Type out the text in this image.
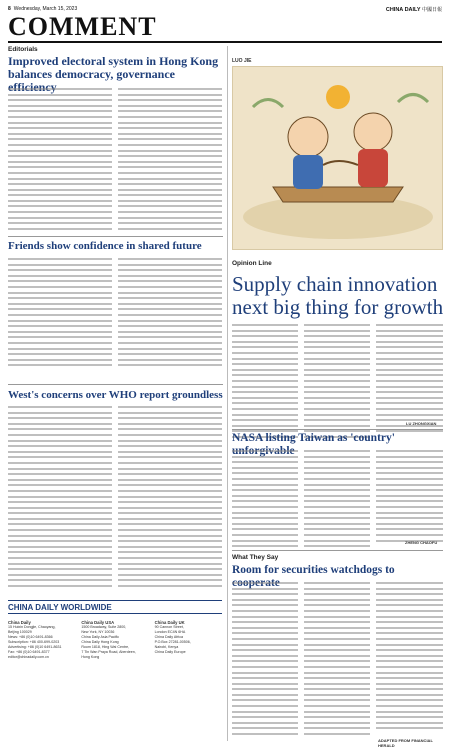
8 Wednesday, March 15, 2023	CHINA DAILY 中國日報
COMMENT
Editorials
Improved electoral system in Hong Kong balances democracy, governance
Friends show confidence in shared future
West's concerns over WHO report groundless
CHINA DAILY WORLDWIDE
China Daily
15 Huixin Dongjie, Chaoyang,
Beijing 100029
News: +86 (0)10 6491-8366
Subscription: +86 400-699-0203
Advertising: +86 (0)10 6491-8631
Fax: +86 (0)10 6491-8377
editor@chinadaily.com.cn
China Daily USA
1500 Broadway, Suite 2800,
New York, NY 10036
China Daily Asia Pacific
China Daily Hong Kong
Room 1818, Hing Wai Centre,
7 Tin Wan Praya Road, Aberdeen,
Hong Kong
China Daily UK
90 Cannon Street,
London EC4N 6HA
China Daily Africa
P.O.Box 27281-00506,
Nairobi, Kenya
China Daily Europe
LUO JIE
Opinion Line
Supply chain innovation next big thing for growth
LU ZHONGXIAN
NASA listing Taiwan as 'country'
ZHENG CHAOFU
What They Say
Room for securities watchdogs to
ADAPTED FROM FINANCIAL HERALD
